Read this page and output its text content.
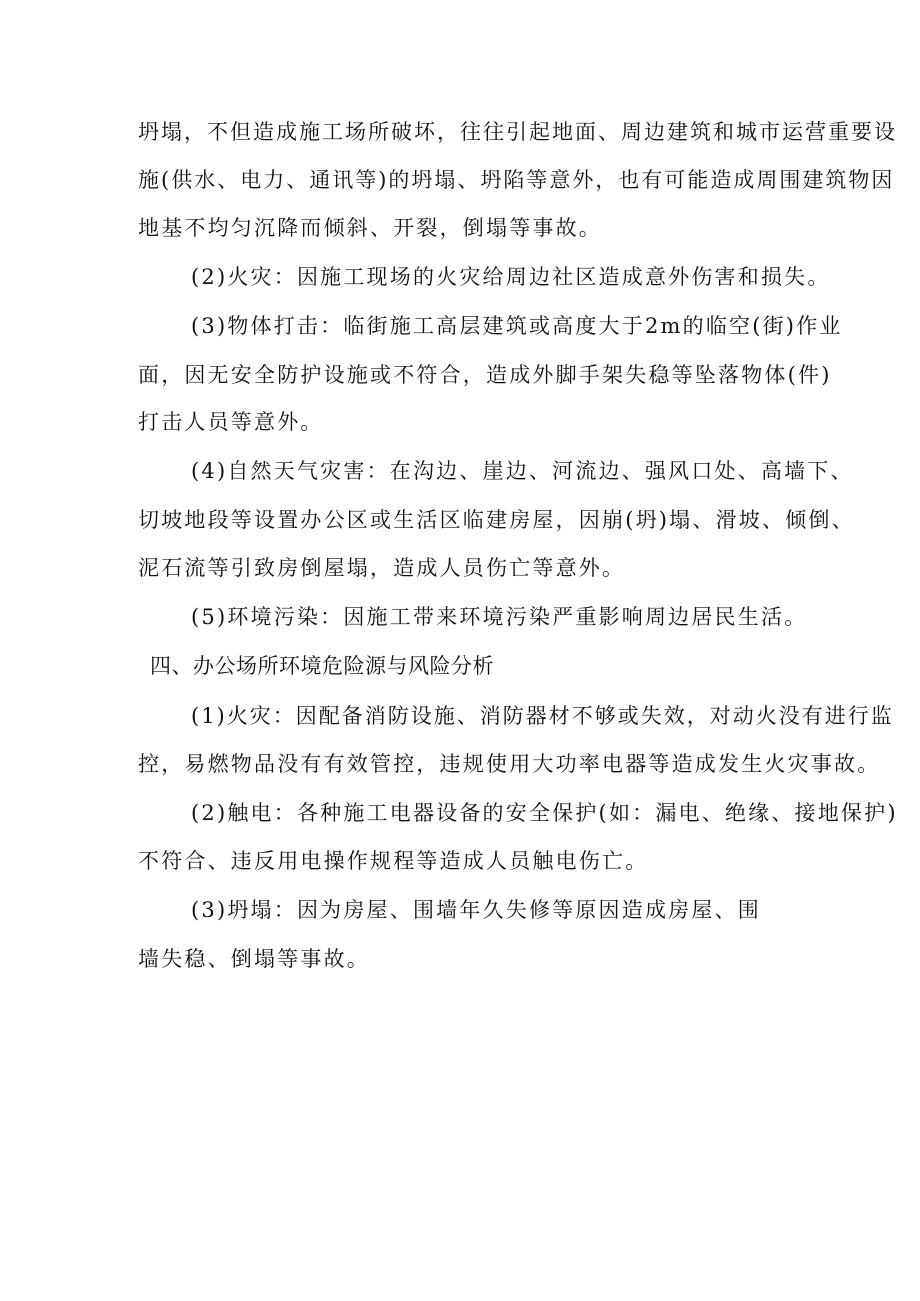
坍塌，不但造成施工场所破坏，往往引起地面、周边建筑和城市运营重要设
施(供水、电力、通讯等)的坍塌、坍陷等意外，也有可能造成周围建筑物因
地基不均匀沉降而倾斜、开裂，倒塌等事故。
(2)火灾：因施工现场的火灾给周边社区造成意外伤害和损失。
(3)物体打击：临街施工高层建筑或高度大于2m的临空(街)作业
面，因无安全防护设施或不符合，造成外脚手架失稳等坠落物体(件)
打击人员等意外。
(4)自然天气灾害：在沟边、崖边、河流边、强风口处、高墙下、
切坡地段等设置办公区或生活区临建房屋，因崩(坍)塌、滑坡、倾倒、
泥石流等引致房倒屋塌，造成人员伤亡等意外。
(5)环境污染：因施工带来环境污染严重影响周边居民生活。
四、办公场所环境危险源与风险分析
(1)火灾：因配备消防设施、消防器材不够或失效，对动火没有进行监
控，易燃物品没有有效管控，违规使用大功率电器等造成发生火灾事故。
(2)触电：各种施工电器设备的安全保护(如：漏电、绝缘、接地保护)
不符合、违反用电操作规程等造成人员触电伤亡。
(3)坍塌：因为房屋、围墙年久失修等原因造成房屋、围
墙失稳、倒塌等事故。
